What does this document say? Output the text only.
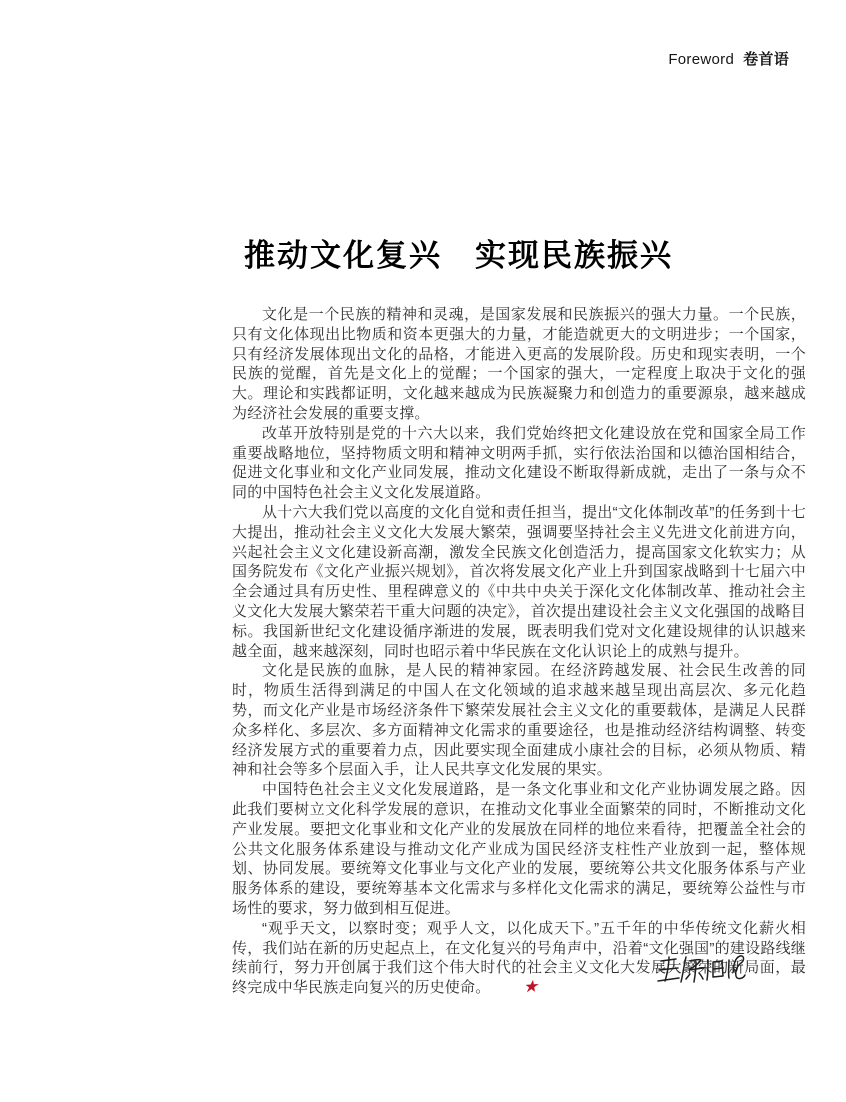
Foreword 卷首语
推动文化复兴　实现民族振兴

文化是一个民族的精神和灵魂，是国家发展和民族振兴的强大力量。一个民族，只有文化体现出比物质和资本更强大的力量，才能造就更大的文明进步；一个国家，只有经济发展体现出文化的品格，才能进入更高的发展阶段。历史和现实表明，一个民族的觉醒，首先是文化上的觉醒；一个国家的强大，一定程度上取决于文化的强大。理论和实践都证明，文化越来越成为民族凝聚力和创造力的重要源泉，越来越成为经济社会发展的重要支撑。

改革开放特别是党的十六大以来，我们党始终把文化建设放在党和国家全局工作重要战略地位，坚持物质文明和精神文明两手抓，实行依法治国和以德治国相结合，促进文化事业和文化产业同发展，推动文化建设不断取得新成就，走出了一条与众不同的中国特色社会主义文化发展道路。

从十六大我们党以高度的文化自觉和责任担当，提出“文化体制改革”的任务到十七大提出，推动社会主义文化大发展大繁荣，强调要坚持社会主义先进文化前进方向，兴起社会主义文化建设新高潮，激发全民族文化创造活力，提高国家文化软实力；从国务院发布《文化产业振兴规划》，首次将发展文化产业上升到国家战略到十七届六中全会通过具有历史性、里程碑意义的《中共中央关于深化文化体制改革、推动社会主义文化大发展大繁荣若干重大问题的决定》，首次提出建设社会主义文化强国的战略目标。我国新世纪文化建设循序渐进的发展，既表明我们党对文化建设规律的认识越来越全面，越来越深刻，同时也昭示着中华民族在文化认识论上的成熟与提升。

文化是民族的血脉，是人民的精神家园。在经济跨越发展、社会民生改善的同时，物质生活得到满足的中国人在文化领域的追求越来越呈现出高层次、多元化趋势，而文化产业是市场经济条件下繁荣发展社会主义文化的重要载体，是满足人民群众多样化、多层次、多方面精神文化需求的重要途径，也是推动经济结构调整、转变经济发展方式的重要着力点，因此要实现全面建成小康社会的目标，必须从物质、精神和社会等多个层面入手，让人民共享文化发展的果实。

中国特色社会主义文化发展道路，是一条文化事业和文化产业协调发展之路。因此我们要树立文化科学发展的意识，在推动文化事业全面繁荣的同时，不断推动文化产业发展。要把文化事业和文化产业的发展放在同样的地位来看待，把覆盖全社会的公共文化服务体系建设与推动文化产业成为国民经济支柱性产业放到一起，整体规划、协同发展。要统筹文化事业与文化产业的发展，要统筹公共文化服务体系与产业服务体系的建设，要统筹基本文化需求与多样化文化需求的满足，要统筹公益性与市场性的要求，努力做到相互促进。

“观乎天文，以察时变；观乎人文，以化成天下。”五千年的中华传统文化薪火相传，我们站在新的历史起点上，在文化复兴的号角声中，沿着“文化强国”的建设路线继续前行，努力开创属于我们这个伟大时代的社会主义文化大发展大繁荣的新局面，最终完成中华民族走向复兴的历史使命。 ★
